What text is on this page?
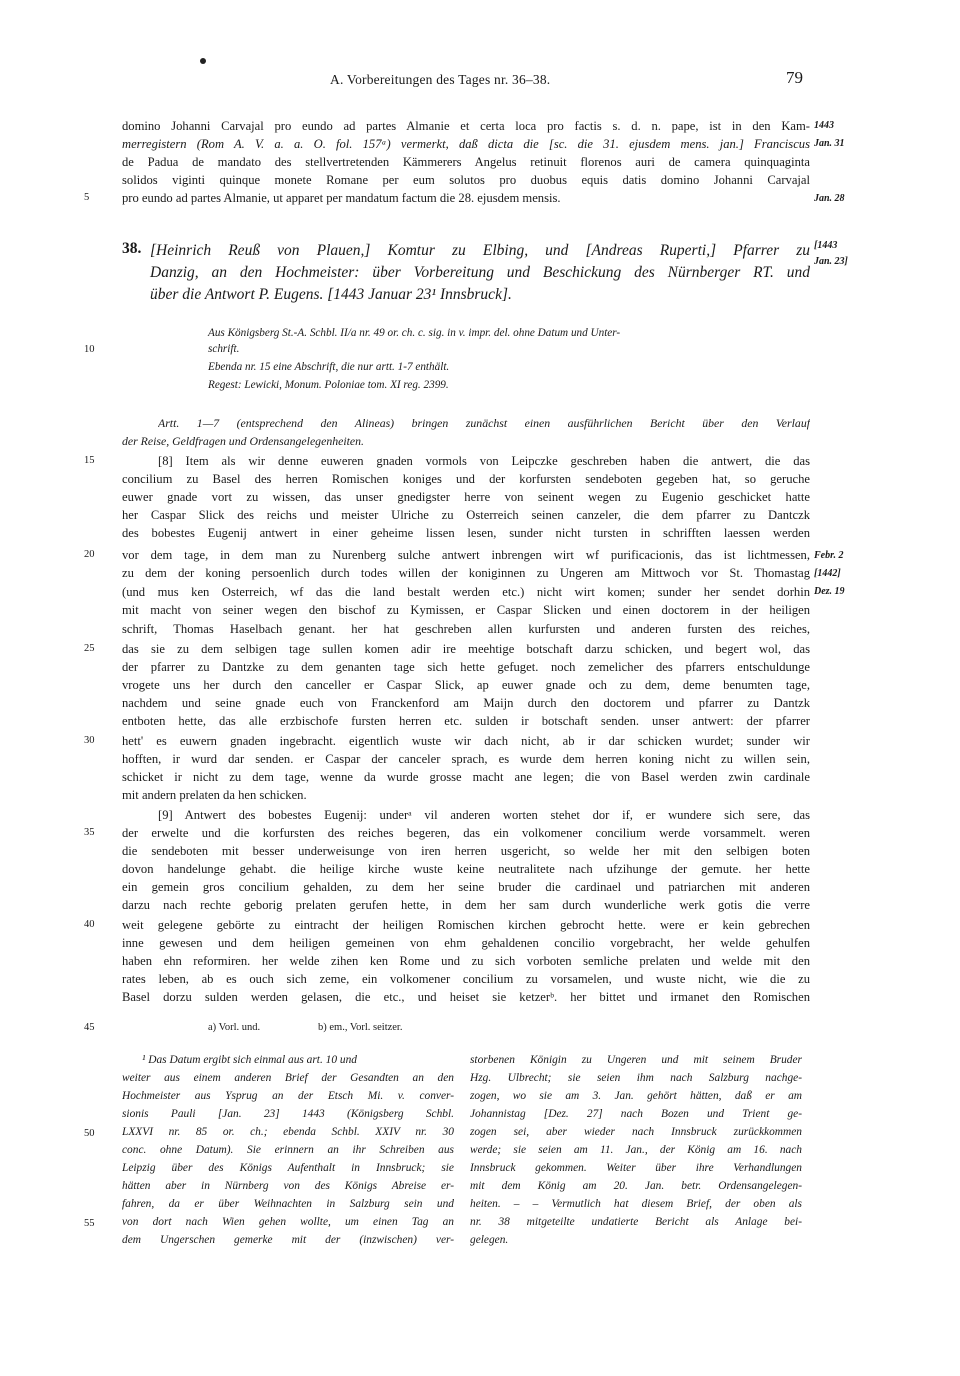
A. Vorbereitungen des Tages nr. 36–38.	79
domino Johanni Carvajal pro eundo ad partes Almanie et certa loca pro factis s. d. n. pape, ist in den Kam-
merregistern (Rom A. V. a. a. O. fol. 157ᵃ) vermerkt, daß dicta die [sc. die 31. ejusdem mens. jan.] Franciscus
de Padua de mandato des stellvertretenden Kämmerers Angelus retinuit florenos auri de camera quinquaginta
solidos viginti quinque monete Romane per eum solutos pro duobus equis datis domino Johanni Carvajal
pro eundo ad partes Almanie, ut apparet per mandatum factum die 28. ejusdem mensis.
5
1443
Jan. 31
Jan. 28
38. [Heinrich Reuß von Plauen,] Komtur zu Elbing, und [Andreas Ruperti,] Pfarrer zu
Danzig, an den Hochmeister: über Vorbereitung und Beschickung des Nürnberger RT. und
über die Antwort P. Eugens. [1443 Januar 23¹ Innsbruck].
[1443
Jan. 23]
Aus Königsberg St.-A. Schbl. II/a nr. 49 or. ch. c. sig. in v. impr. del. ohne Datum und Unter-
schrift.
Ebenda nr. 15 eine Abschrift, die nur artt. 1-7 enthält.
Regest: Lewicki, Monum. Poloniae tom. XI reg. 2399.
10
Artt. 1—7 (entsprechend den Alineas) bringen zunächst einen ausführlichen Bericht über den Verlauf
der Reise, Geldfragen und Ordensangelegenheiten.
[8] Item als wir denne euweren gnaden vormols von Leipczke geschreben haben die antwert, die das
concilium zu Basel des herren Romischen koniges und der korfursten sendeboten gegeben hat, so geruche
euwer gnade vort zu wissen, das unser gnedigster herre von seinent wegen zu Eugenio geschicket hatte
her Caspar Slick des reichs und meister Ulriche zu Osterreich seinen canzeler, die dem pfarrer zu Dantczk
des bobestes Eugenij antwert in einer geheime lissen lesen, sunder nicht tursten in schrifften laessen werden
vor dem tage, in dem man zu Nurenberg sulche antwert inbrengen wirt wf purificacionis, das ist lichtmessen,
zu dem der koning persoenlich durch todes willen der koniginnen zu Ungeren am Mittwoch vor St. Thomastag
(und mus ken Osterreich, wf das die land bestalt werden etc.) nicht wirt komen; sunder her sendet dorhin
mit macht von seiner wegen den bischof zu Kymissen, er Caspar Slicken und einen doctorem in der heiligen
schrift, Thomas Haselbach genant. her hat geschreben allen kurfursten und anderen fursten des reiches,
das sie zu dem selbigen tage sullen komen adir ire meehtige botschaft darzu schicken, und begert wol, das
der pfarrer zu Dantzke zu dem genanten tage sich hette gefuget. noch zemelicher des pfarrers entschuldunge
vrogete uns her durch den canceller er Caspar Slick, ap euwer gnade och zu dem, deme benumten tage,
nachdem und seine gnade euch von Franckenford am Maijn durch den doctorem und pfarrer zu Dantzk
entboten hette, das alle erzbischofe fursten herren etc. sulden ir botschaft senden. unser antwert: der pfarrer
hett' es euwern gnaden ingebracht. eigentlich wuste wir dach nicht, ab ir dar schicken wurdet; sunder wir
hofften, ir wurd dar senden. er Caspar der canceler sprach, es wurde dem herren koning nicht zu willen sein,
schicket ir nicht zu dem tage, wenne da wurde grosse macht ane legen; die von Basel werden zwin cardinale
mit andern prelaten da hen schicken.
[9] Antwert des bobestes Eugenij: underᵃ vil anderen worten stehet dor if, er wundere sich sere, das
der erwelte und die korfursten des reiches begeren, das ein volkomener concilium werde vorsammelt. weren
die sendeboten mit besser underweisunge von iren herren usgericht, so welde her mit den selbigen boten
dovon handelunge gehabt. die heilige kirche wuste keine neutralitete nach ufzihunge der gemute. her hette
ein gemein gros concilium gehalden, zu dem her seine bruder die cardinael und patriarchen mit anderen
darzu nach rechte geborig prelaten gerufen hette, in dem her sam durch wunderliche werk gotis die verre
weit gelegene gebörte zu eintracht der heiligen Romischen kirchen gebrocht hette. were er kein gebrechen
inne gewesen und dem heiligen gemeinen von ehm gehaldenen concilio vorgebracht, her welde gehulfen
haben ehn reformiren. her welde zihen ken Rome und zu sich vorboten semliche prelaten und welde mit den
rates leben, ab es ouch sich zeme, ein volkomener concilium zu vorsamelen, und wuste nicht, wie die zu
Basel dorzu sulden werden gelasen, die etc., und heiset sie ketzerᵇ. her bittet und irmanet den Romischen
15
20
25
30
35
40
Febr. 2
[1442]
Dez. 19
45	a) Vorl. und.	b) em., Vorl. seitzer.
¹ Das Datum ergibt sich einmal aus art. 10 und
weiter aus einem anderen Brief der Gesandten an den
Hochmeister aus Ysprug an der Etsch Mi. v. conver-
sionis Pauli [Jan. 23] 1443 (Königsberg Schbl.
LXXVI nr. 85 or. ch.; ebenda Schbl. XXIV nr. 30
conc. ohne Datum). Sie erinnern an ihr Schreiben aus
Leipzig über des Königs Aufenthalt in Innsbruck; sie
hätten aber in Nürnberg von des Königs Abreise er-
fahren, da er über Weihnachten in Salzburg sein und
von dort nach Wien gehen wollte, um einen Tag an
dem Ungerschen gemerke mit der (inzwischen) ver-
storbenen Königin zu Ungeren und mit seinem Bruder
Hzg. Ulbrecht; sie seien ihm nach Salzburg nachge-
zogen, wo sie am 3. Jan. gehört hätten, daß er am
Johannistag [Dez. 27] nach Bozen und Trient ge-
zogen sei, aber wieder nach Innsbruck zurückkommen
werde; sie seien am 11. Jan., der König am 16. nach
Innsbruck gekommen. Weiter über ihre Verhandlungen
mit dem König am 20. Jan. betr. Ordensangelegen-
heiten. – – Vermutlich hat diesem Brief, der oben als
nr. 38 mitgeteilte undatierte Bericht als Anlage bei-
gelegen.
50
55
